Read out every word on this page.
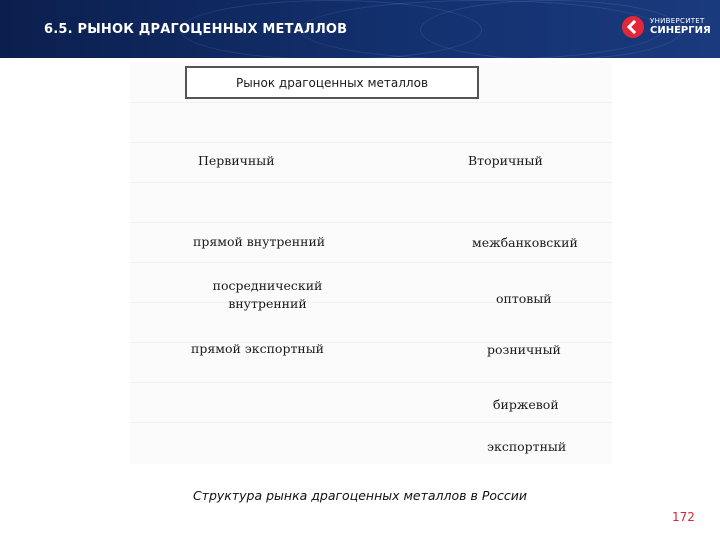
6.5. РЫНОК ДРАГОЦЕННЫХ МЕТАЛЛОВ
УНИВЕРСИТЕТ
СИНЕРГИЯ
Рынок драгоценных металлов
Первичный	Вторичный
прямой внутренний
посреднический внутренний
прямой экспортный
межбанковский
оптовый
розничный
биржевой
экспортный
Структура рынка драгоценных металлов в России
172
